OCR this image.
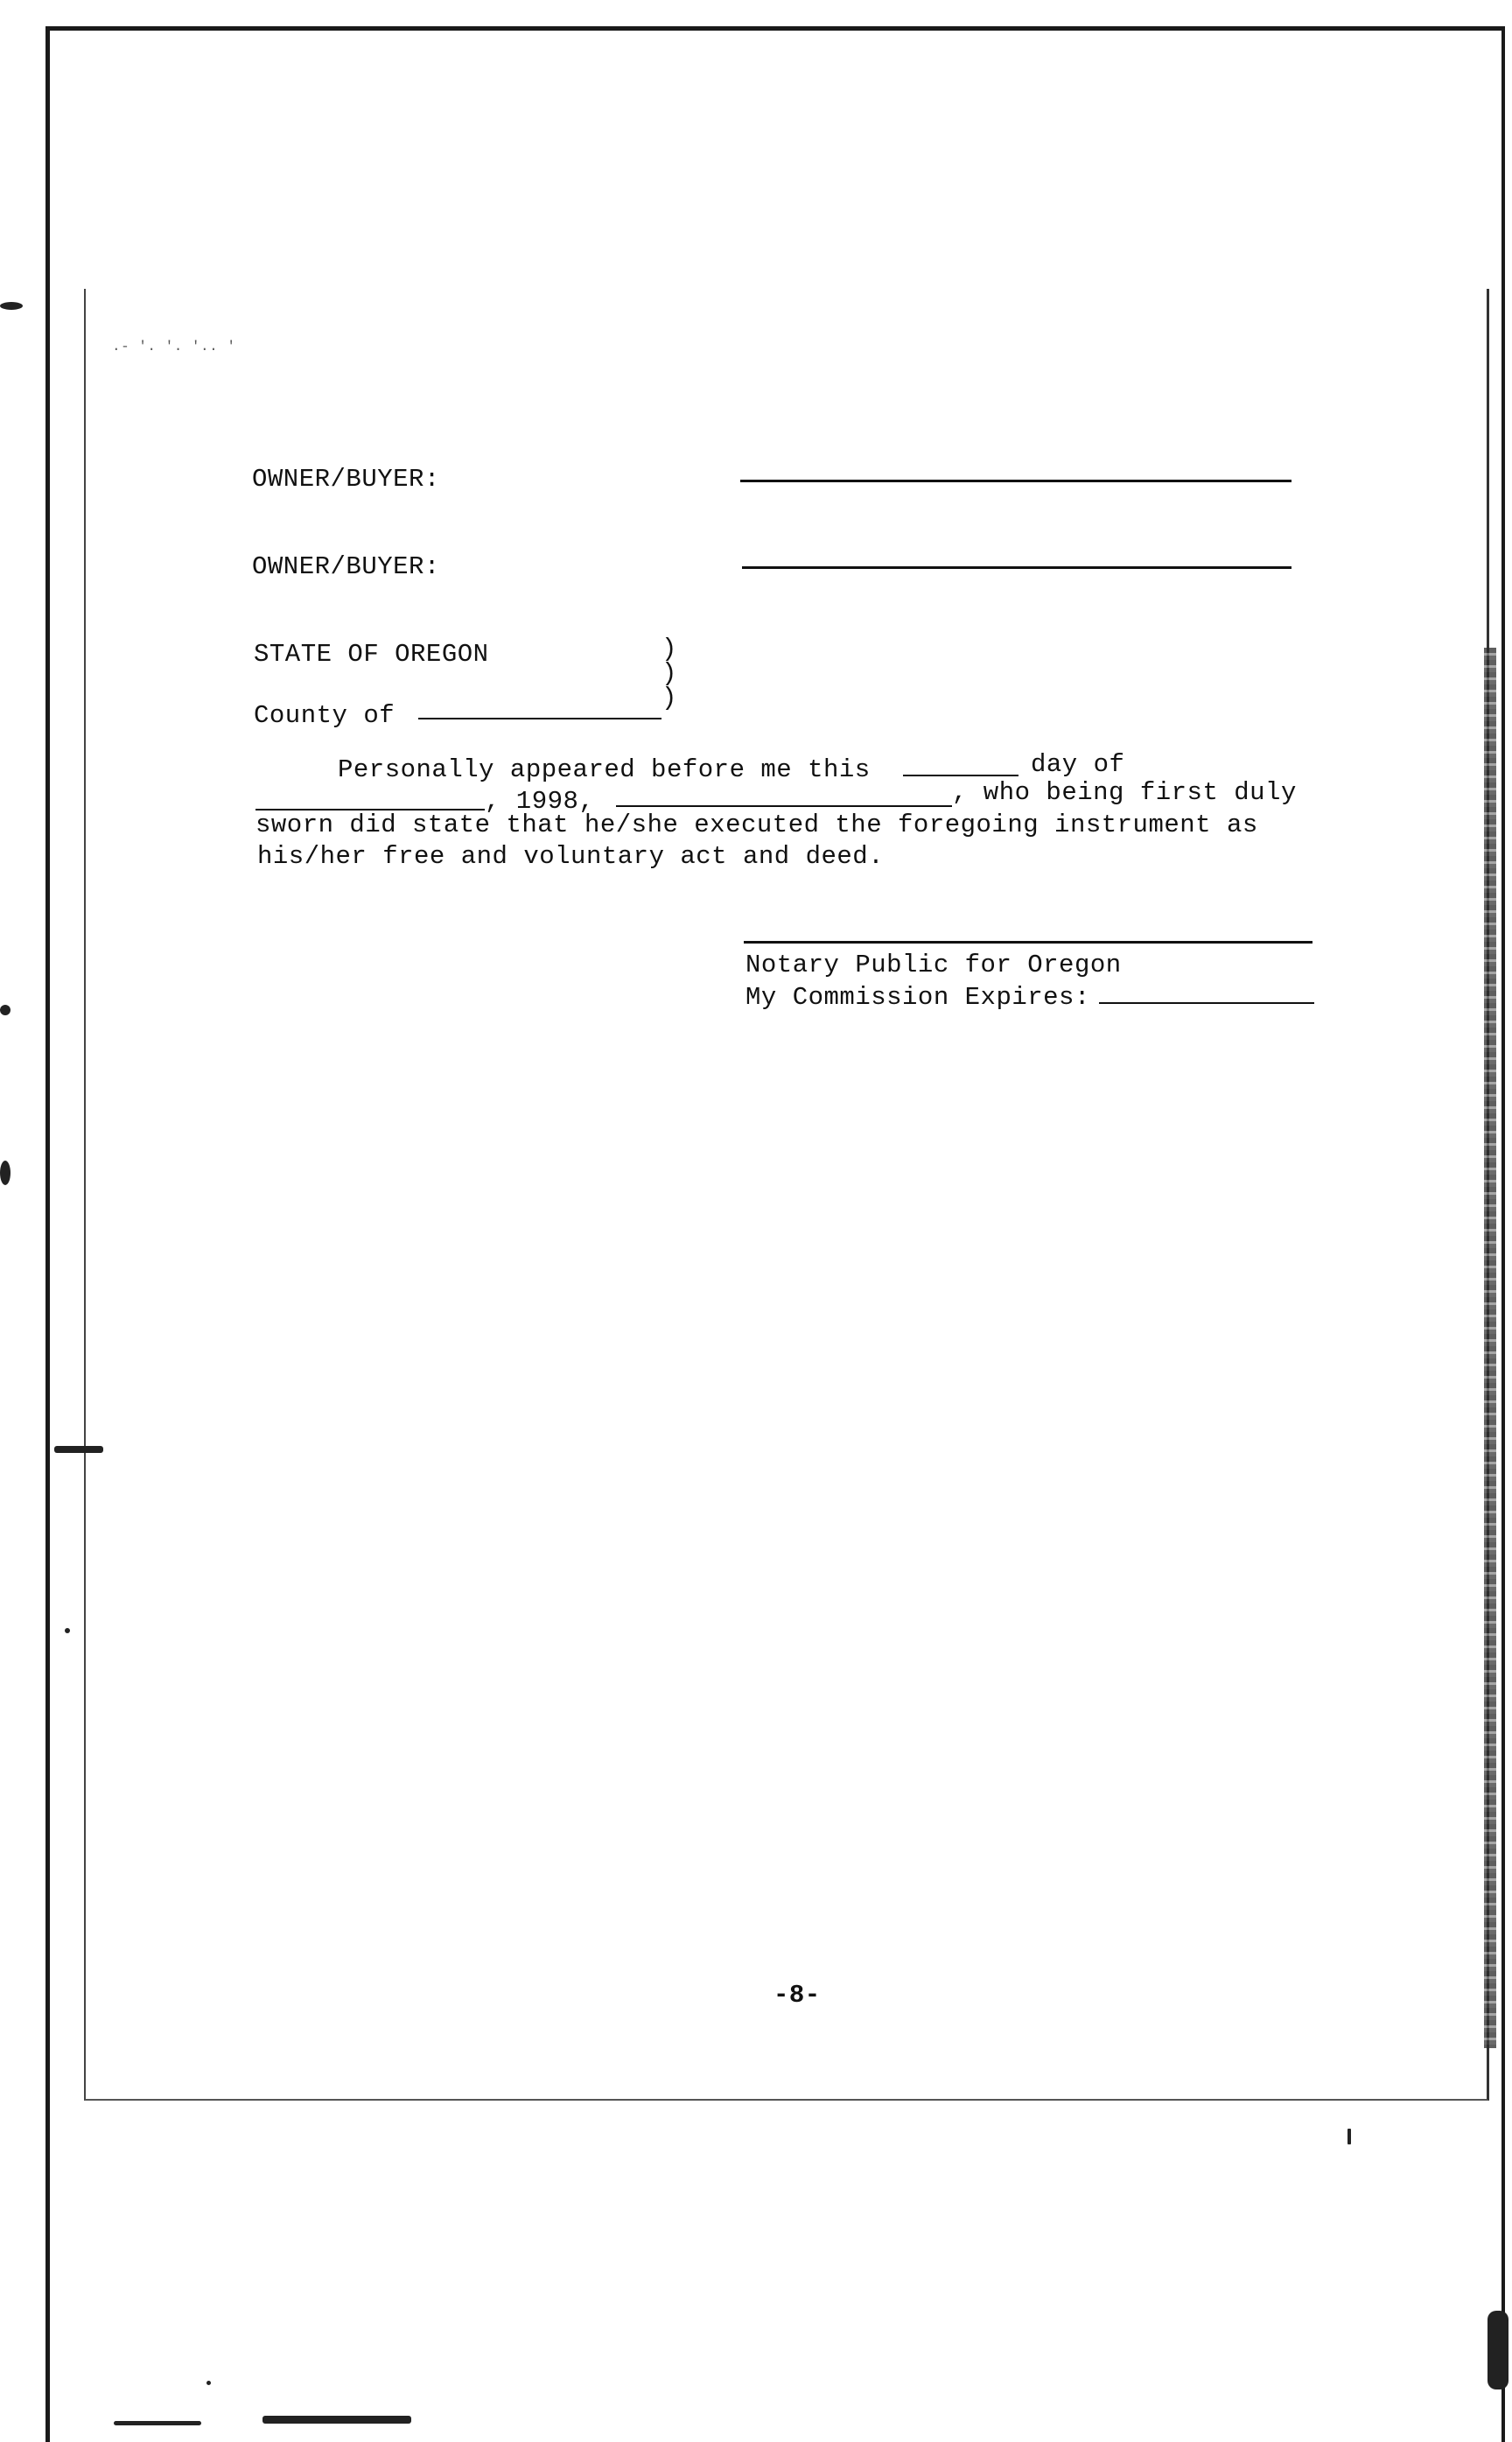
.- '. '. '.. '
OWNER/BUYER:
OWNER/BUYER:
STATE OF OREGON	)
)
)
County of
Personally appeared before me this	day of
, 1998,	, who being first duly
sworn did state that he/she executed the foregoing instrument as
his/her free and voluntary act and deed.
Notary Public for Oregon
My Commission Expires:
-8-
